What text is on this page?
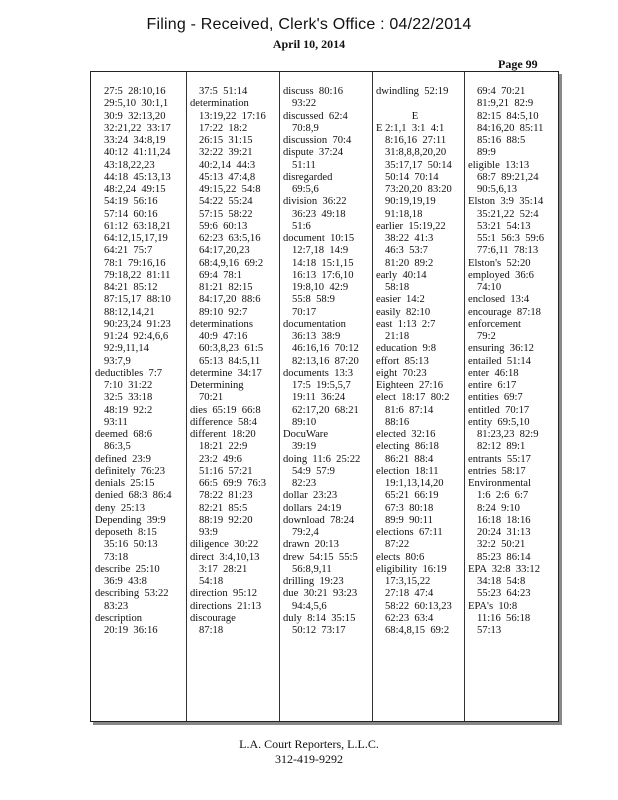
Filing - Received, Clerk's Office : 04/22/2014
April 10, 2014
Page 99
27:5  28:10,16
29:5,10  30:1,1
30:9  32:13,20
32:21,22  33:17
33:24  34:8,19
40:12  41:11,24
43:18,22,23
44:18  45:13,13
48:2,24  49:15
54:19  56:16
57:14  60:16
61:12  63:18,21
64:12,15,17,19
64:21  75:7
78:1  79:16,16
79:18,22  81:11
84:21  85:12
87:15,17  88:10
88:12,14,21
90:23,24  91:23
91:24  92:4,6,6
92:9,11,14
93:7,9
deductibles  7:7
7:10  31:22
32:5  33:18
48:19  92:2
93:11
deemed  68:6
86:3,5
defined  23:9
definitely  76:23
denials  25:15
denied  68:3  86:4
deny  25:13
Depending  39:9
deposeth  8:15
35:16  50:13
73:18
describe  25:10
36:9  43:8
describing  53:22
83:23
description
20:19  36:16
37:5  51:14
determination
13:19,22  17:16
17:22  18:2
26:15  31:15
32:22  39:21
40:2,14  44:3
45:13  47:4,8
49:15,22  54:8
54:22  55:24
57:15  58:22
59:6  60:13
62:23  63:5,16
64:17,20,23
68:4,9,16  69:2
69:4  78:1
81:21  82:15
84:17,20  88:6
89:10  92:7
determinations
40:9  47:16
60:3,8,23  61:5
65:13  84:5,11
determine  34:17
Determining
70:21
dies  65:19  66:8
difference  58:4
different  18:20
18:21  22:9
23:2  49:6
51:16  57:21
66:5  69:9  76:3
78:22  81:23
82:21  85:5
88:19  92:20
93:9
diligence  30:22
direct  3:4,10,13
3:17  28:21
54:18
direction  95:12
directions  21:13
discourage
87:18
discuss  80:16
93:22
discussed  62:4
70:8,9
discussion  70:4
dispute  37:24
51:11
disregarded
69:5,6
division  36:22
36:23  49:18
51:6
document  10:15
12:7,18  14:9
14:18  15:1,15
16:13  17:6,10
19:8,10  42:9
55:8  58:9
70:17
documentation
36:13  38:9
46:16,16  70:12
82:13,16  87:20
documents  13:3
17:5  19:5,5,7
19:11  36:24
62:17,20  68:21
89:10
DocuWare
39:19
doing  11:6  25:22
54:9  57:9
82:23
dollar  23:23
dollars  24:19
download  78:24
79:2,4
drawn  20:13
drew  54:15  55:5
56:8,9,11
drilling  19:23
due  30:21  93:23
94:4,5,6
duly  8:14  35:15
50:12  73:17
dwindling  52:19
E
E 2:1,1  3:1  4:1
8:16,16  27:11
31:8,8,8,20,20
35:17,17  50:14
50:14  70:14
73:20,20  83:20
90:19,19,19
91:18,18
earlier  15:19,22
38:22  41:3
46:3  53:7
81:20  89:2
early  40:14
58:18
easier  14:2
easily  82:10
east  1:13  2:7
21:18
education  9:8
effort  85:13
eight  70:23
Eighteen  27:16
elect  18:17  80:2
81:6  87:14
88:16
elected  32:16
electing  86:18
86:21  88:4
election  18:11
19:1,13,14,20
65:21  66:19
67:3  80:18
89:9  90:11
elections  67:11
87:22
elects  80:6
eligibility  16:19
17:3,15,22
27:18  47:4
58:22  60:13,23
62:23  63:4
68:4,8,15  69:2
69:4  70:21
81:9,21  82:9
82:15  84:5,10
84:16,20  85:11
85:16  88:5
89:9
eligible  13:13
68:7  89:21,24
90:5,6,13
Elston  3:9  35:14
35:21,22  52:4
53:21  54:13
55:1  56:3  59:6
77:6,11  78:13
Elston's  52:20
employed  36:6
74:10
enclosed  13:4
encourage  87:18
enforcement
79:2
ensuring  36:12
entailed  51:14
enter  46:18
entire  6:17
entities  69:7
entitled  70:17
entity  69:5,10
81:23,23  82:9
82:12  89:1
entrants  55:17
entries  58:17
Environmental
1:6  2:6  6:7
8:24  9:10
16:18  18:16
20:24  31:13
32:2  50:21
85:23  86:14
EPA  32:8  33:12
34:18  54:8
55:23  64:23
EPA's  10:8
11:16  56:18
57:13
L.A. Court Reporters, L.L.C.
312-419-9292
